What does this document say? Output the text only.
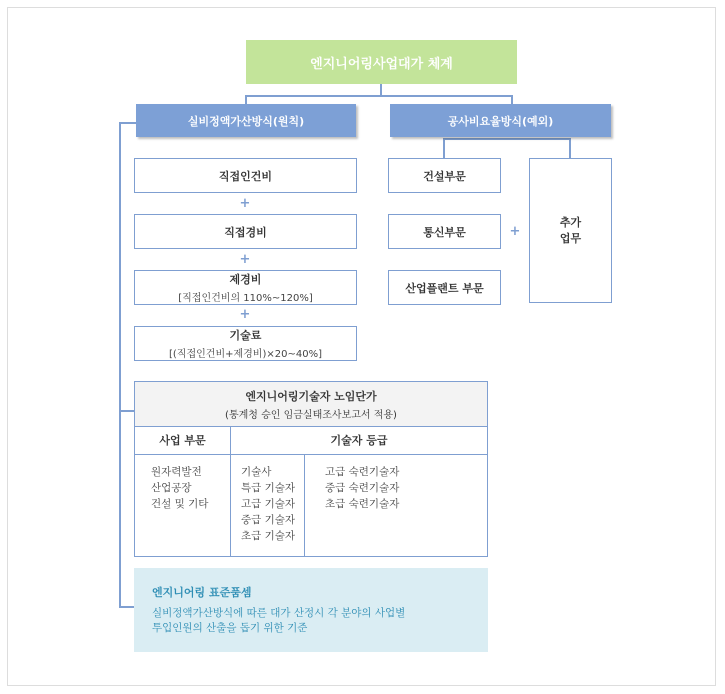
엔지니어링사업대가 체계
실비정액가산방식(원칙)	공사비요율방식(예외)
직접인건비
+
직접경비
+
제경비
[직접인건비의 110%~120%]
+
기술료
[(직접인건비+제경비)×20~40%]
건설부문
통신부문
산업플랜트 부문
+
추가
업무
엔지니어링기술자 노임단가
(통계청 승인 임금실태조사보고서 적용)
사업 부문	기술자 등급
원자력발전
산업공장
건설 및 기타
기술사
특급 기술자
고급 기술자
중급 기술자
초급 기술자
고급 숙련기술자
중급 숙련기술자
초급 숙련기술자
엔지니어링 표준품셈
실비정액가산방식에 따른 대가 산정시 각 분야의 사업별
투입인원의 산출을 돕기 위한 기준
